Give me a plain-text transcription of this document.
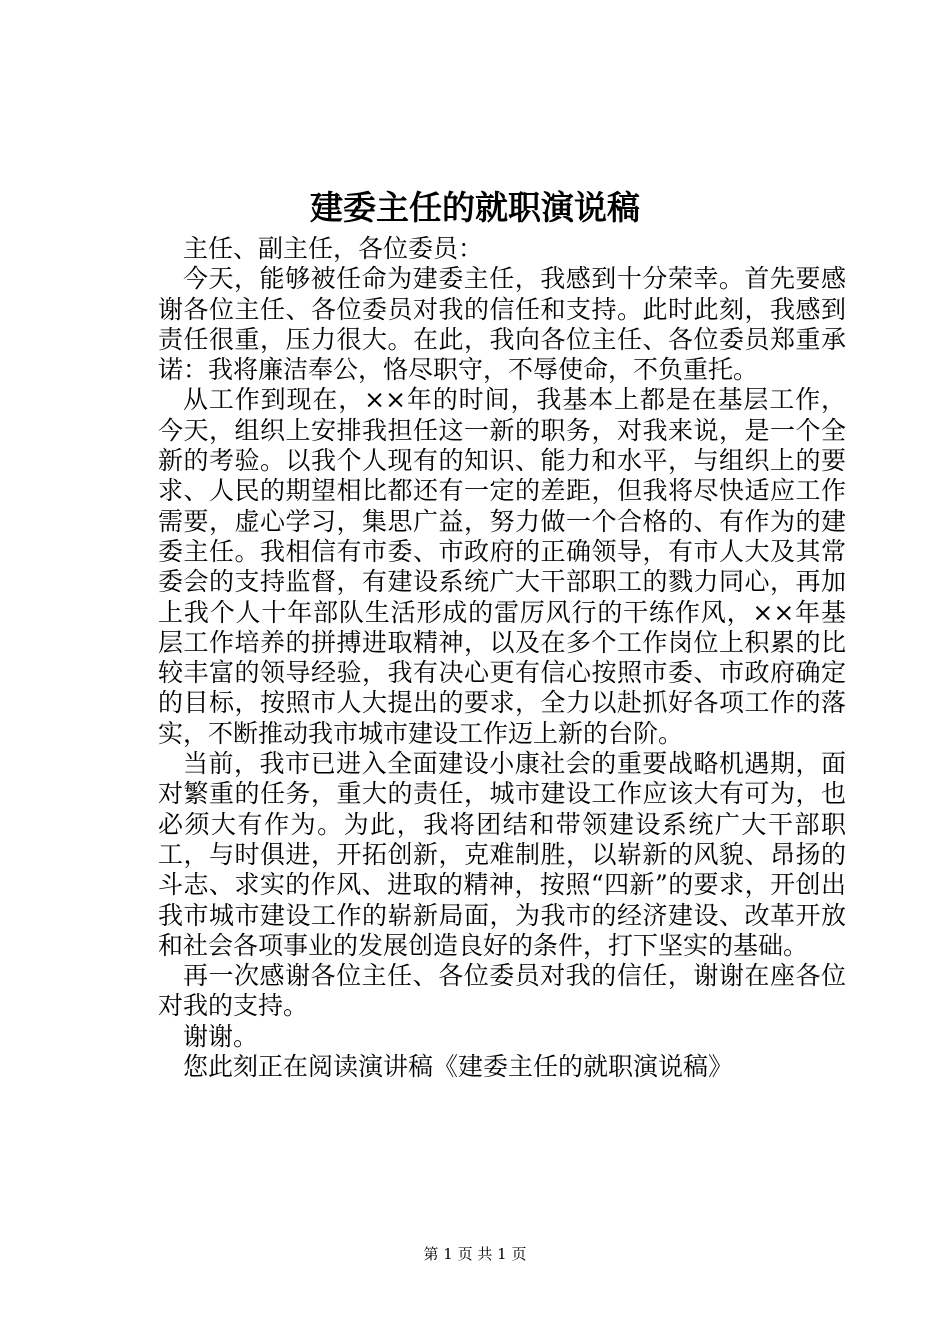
建委主任的就职演说稿

主任、副主任，各位委员：

今天，能够被任命为建委主任，我感到十分荣幸。首先要感谢各位主任、各位委员对我的信任和支持。此时此刻，我感到责任很重，压力很大。在此，我向各位主任、各位委员郑重承诺：我将廉洁奉公，恪尽职守，不辱使命，不负重托。

从工作到现在，××年的时间，我基本上都是在基层工作，今天，组织上安排我担任这一新的职务，对我来说，是一个全新的考验。以我个人现有的知识、能力和水平，与组织上的要求、人民的期望相比都还有一定的差距，但我将尽快适应工作需要，虚心学习，集思广益，努力做一个合格的、有作为的建委主任。我相信有市委、市政府的正确领导，有市人大及其常委会的支持监督，有建设系统广大干部职工的戮力同心，再加上我个人十年部队生活形成的雷厉风行的干练作风，××年基层工作培养的拼搏进取精神，以及在多个工作岗位上积累的比较丰富的领导经验，我有决心更有信心按照市委、市政府确定的目标，按照市人大提出的要求，全力以赴抓好各项工作的落实，不断推动我市城市建设工作迈上新的台阶。

当前，我市已进入全面建设小康社会的重要战略机遇期，面对繁重的任务，重大的责任，城市建设工作应该大有可为，也必须大有作为。为此，我将团结和带领建设系统广大干部职工，与时俱进，开拓创新，克难制胜，以崭新的风貌、昂扬的斗志、求实的作风、进取的精神，按照“四新”的要求，开创出我市城市建设工作的崭新局面，为我市的经济建设、改革开放和社会各项事业的发展创造良好的条件，打下坚实的基础。

再一次感谢各位主任、各位委员对我的信任，谢谢在座各位对我的支持。

谢谢。

您此刻正在阅读演讲稿《建委主任的就职演说稿》

第 1 页 共 1 页
